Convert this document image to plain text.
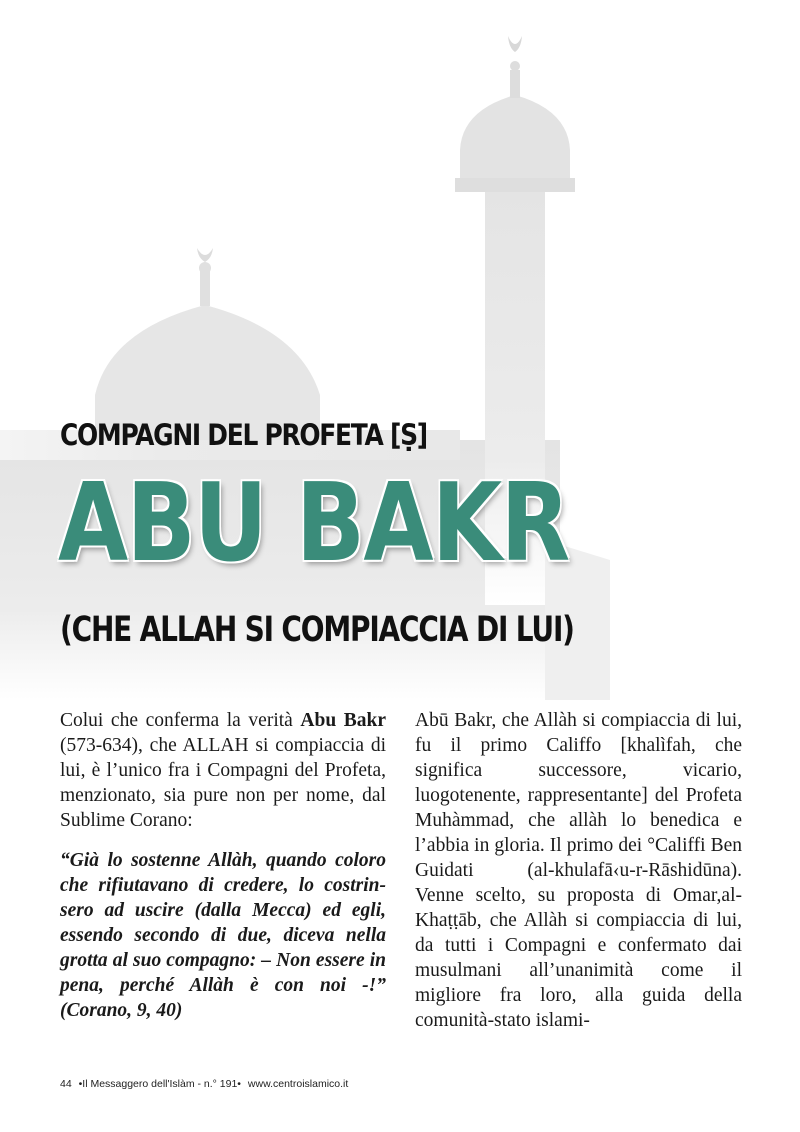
COMPAGNI DEL PROFETA [Ṣ]
ABU BAKR
(CHE ALLAH SI COMPIACCIA DI LUI)

Colui che conferma la verità Abu Bakr (573-634), che ALLAH si compiaccia di lui, è l’unico fra i Compagni del Profeta, menzionato, sia pure non per nome, dal Sublime Corano:

“Già lo sostenne Allàh, quando coloro che rifiutavano di credere, lo costrinsero ad uscire (dalla Mecca) ed egli, essendo secondo di due, diceva nella grotta al suo compagno: – Non essere in pena, perché Allàh è con noi -!” (Corano, 9, 40)

Abū Bakr, che Allàh si compiaccia di lui, fu il primo Califfo [khalìfah, che significa successore, vicario, luogotenente, rappresentante] del Profeta Muhàmmad, che allàh lo benedica e l’abbia in gloria. Il primo dei °Califfi Ben Guidati (al-khulafā‹u-r-Rāshidūna). Venne scelto, su proposta di Omar,al-Khaṭṭāb, che Allàh si compiaccia di lui, da tutti i Compagni e confermato dai musulmani all’unanimità come il migliore fra loro, alla guida della comunità-stato islami-

44 •Il Messaggero dell'Islàm - n.° 191• www.centroislamico.it
